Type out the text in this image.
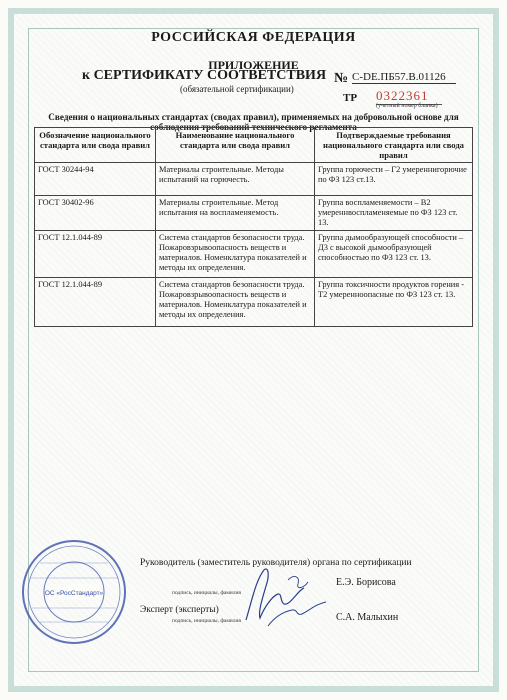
РОССИЙСКАЯ ФЕДЕРАЦИЯ
ПРИЛОЖЕНИЕ
к СЕРТИФИКАТУ СООТВЕТСТВИЯ № С-DE.ПБ57.В.01126
(обязательной сертификации)
ТР 0322361
(учетный номер бланка)
Сведения о национальных стандартах (сводах правил), применяемых на добровольной основе для соблюдения требований технического регламента
Обозначение национального стандарта или свода правил	Наименование национального стандарта или свода правил	Подтверждаемые требования национального стандарта или свода правил
ГОСТ 30244-94	Материалы строительные. Методы испытаний на горючесть.	Группа горючести – Г2 умереннигорючие по ФЗ 123 ст.13.
ГОСТ 30402-96	Материалы строительные. Метод испытания на воспламеняемость.	Группа воспламеняемости – В2 умереннвоспламеняемые по ФЗ 123 ст. 13.
ГОСТ 12.1.044-89	Система стандартов безопасности труда. Пожаровзрывоопасность веществ и материалов. Номенклатура показателей и методы их определения.	Группа дымообразующей способности – Д3 с высокой дымообразующей способностью по ФЗ 123 ст. 13.
ГОСТ 12.1.044-89	Система стандартов безопасности труда. Пожаровзрывоопасность веществ и материалов. Номенклатура показателей и методы их определения.	Группа токсичности продуктов горения - Т2 умеренноопасные по ФЗ 123 ст. 13.
ОС «РосСтандарт»
Руководитель (заместитель руководителя) органа по сертификации
подпись, инициалы, фамилия
Е.Э. Борисова
Эксперт (эксперты)
подпись, инициалы, фамилия	С.А. Малыхин
